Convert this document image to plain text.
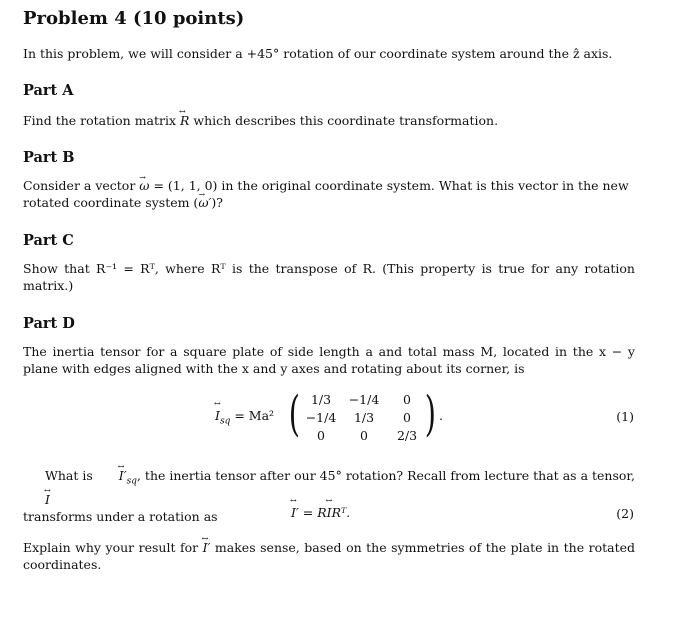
Problem 4 (10 points)

In this problem, we will consider a +45° rotation of our coordinate system around the ẑ axis.

Part A

Find the rotation matrix ↔ R which describes this coordinate transformation.

Part B

Consider a vector → ω = (1, 1, 0) in the original coordinate system. What is this vector in the new
rotated coordinate system (→ ω′)?

Part C

Show that R⁻¹ = Rᵀ, where Rᵀ is the transpose of R. (This property is true for any rotation matrix.)

Part D

The inertia tensor for a square plate of side length a and total mass M, located in the x − y plane with edges aligned with the x and y axes and rotating about its corner, is

↔ $I_{sq} = Ma^2$ ( 1/3	−1/4	0
−1/4	1/3	0
0	0	2/3 ) .	(1)

What is ↔ $I'_{sq}$, the inertia tensor after our 45° rotation? Recall from lecture that as a tensor, ↔ I
transforms under a rotation as

↔	I′ = R↔ IRᵀ.	(2)

Explain why your result for ↔ I′ makes sense, based on the symmetries of the plate in the rotated coordinates.
